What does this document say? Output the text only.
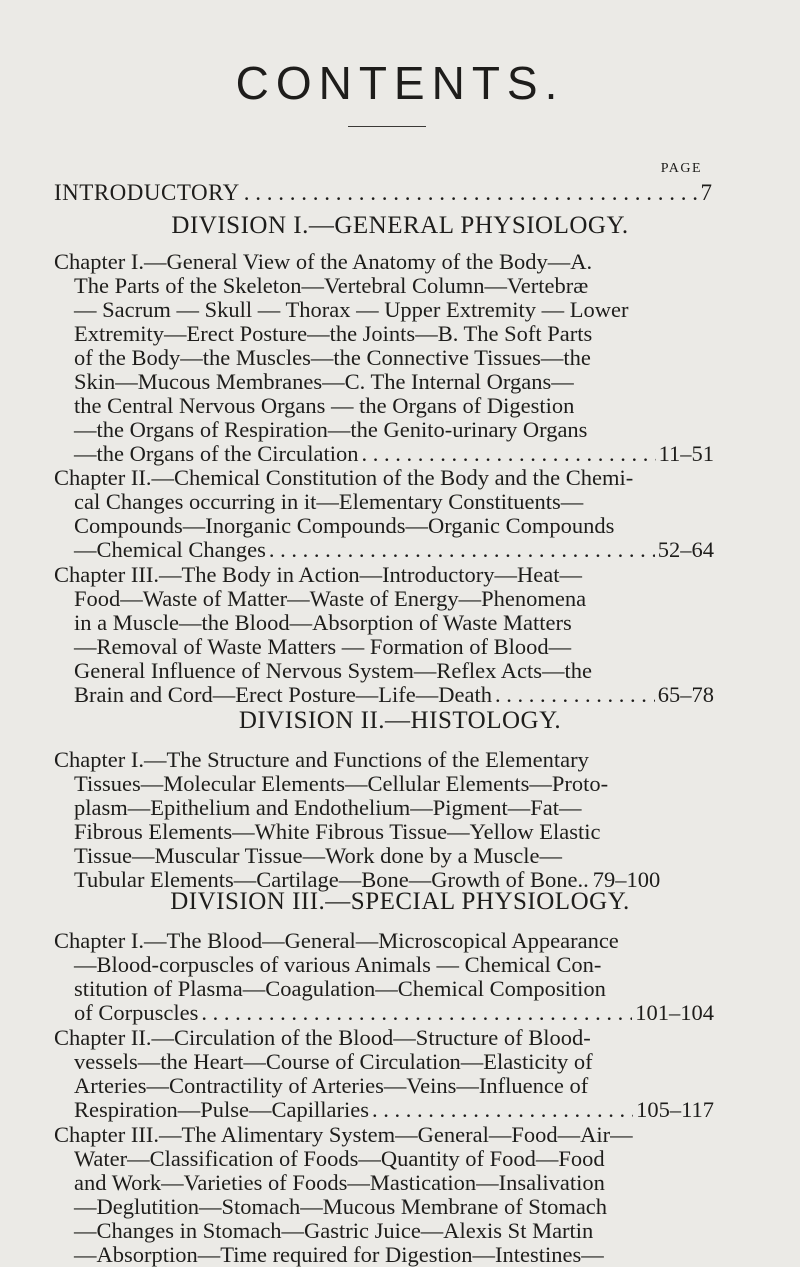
CONTENTS.
PAGE
INTRODUCTORY . . .	7
DIVISION I.—GENERAL PHYSIOLOGY.
Chapter I.—General View of the Anatomy of the Body—A.
The Parts of the Skeleton—Vertebral Column—Vertebræ
— Sacrum — Skull — Thorax — Upper Extremity — Lower
Extremity—Erect Posture—the Joints—B. The Soft Parts
of the Body—the Muscles—the Connective Tissues—the
Skin—Mucous Membranes—C. The Internal Organs—
the Central Nervous Organs — the Organs of Digestion
—the Organs of Respiration—the Genito-urinary Organs
—the Organs of the Circulation . . .	11–51
Chapter II.—Chemical Constitution of the Body and the Chemi-
cal Changes occurring in it—Elementary Constituents—
Compounds—Inorganic Compounds—Organic Compounds
—Chemical Changes . . .	52–64
Chapter III.—The Body in Action—Introductory—Heat—
Food—Waste of Matter—Waste of Energy—Phenomena
in a Muscle—the Blood—Absorption of Waste Matters
—Removal of Waste Matters — Formation of Blood—
General Influence of Nervous System—Reflex Acts—the
Brain and Cord—Erect Posture—Life—Death . . .	65–78
DIVISION II.—HISTOLOGY.
Chapter I.—The Structure and Functions of the Elementary
Tissues—Molecular Elements—Cellular Elements—Proto-
plasm—Epithelium and Endothelium—Pigment—Fat—
Fibrous Elements—White Fibrous Tissue—Yellow Elastic
Tissue—Muscular Tissue—Work done by a Muscle—
Tubular Elements—Cartilage—Bone—Growth of Bone.. 79–100
DIVISION III.—SPECIAL PHYSIOLOGY.
Chapter I.—The Blood—General—Microscopical Appearance
—Blood-corpuscles of various Animals — Chemical Con-
stitution of Plasma—Coagulation—Chemical Composition
of Corpuscles . . .	101–104
Chapter II.—Circulation of the Blood—Structure of Blood-
vessels—the Heart—Course of Circulation—Elasticity of
Arteries—Contractility of Arteries—Veins—Influence of
Respiration—Pulse—Capillaries . . .	105–117
Chapter III.—The Alimentary System—General—Food—Air—
Water—Classification of Foods—Quantity of Food—Food
and Work—Varieties of Foods—Mastication—Insalivation
—Deglutition—Stomach—Mucous Membrane of Stomach
—Changes in Stomach—Gastric Juice—Alexis St Martin
—Absorption—Time required for Digestion—Intestines—
